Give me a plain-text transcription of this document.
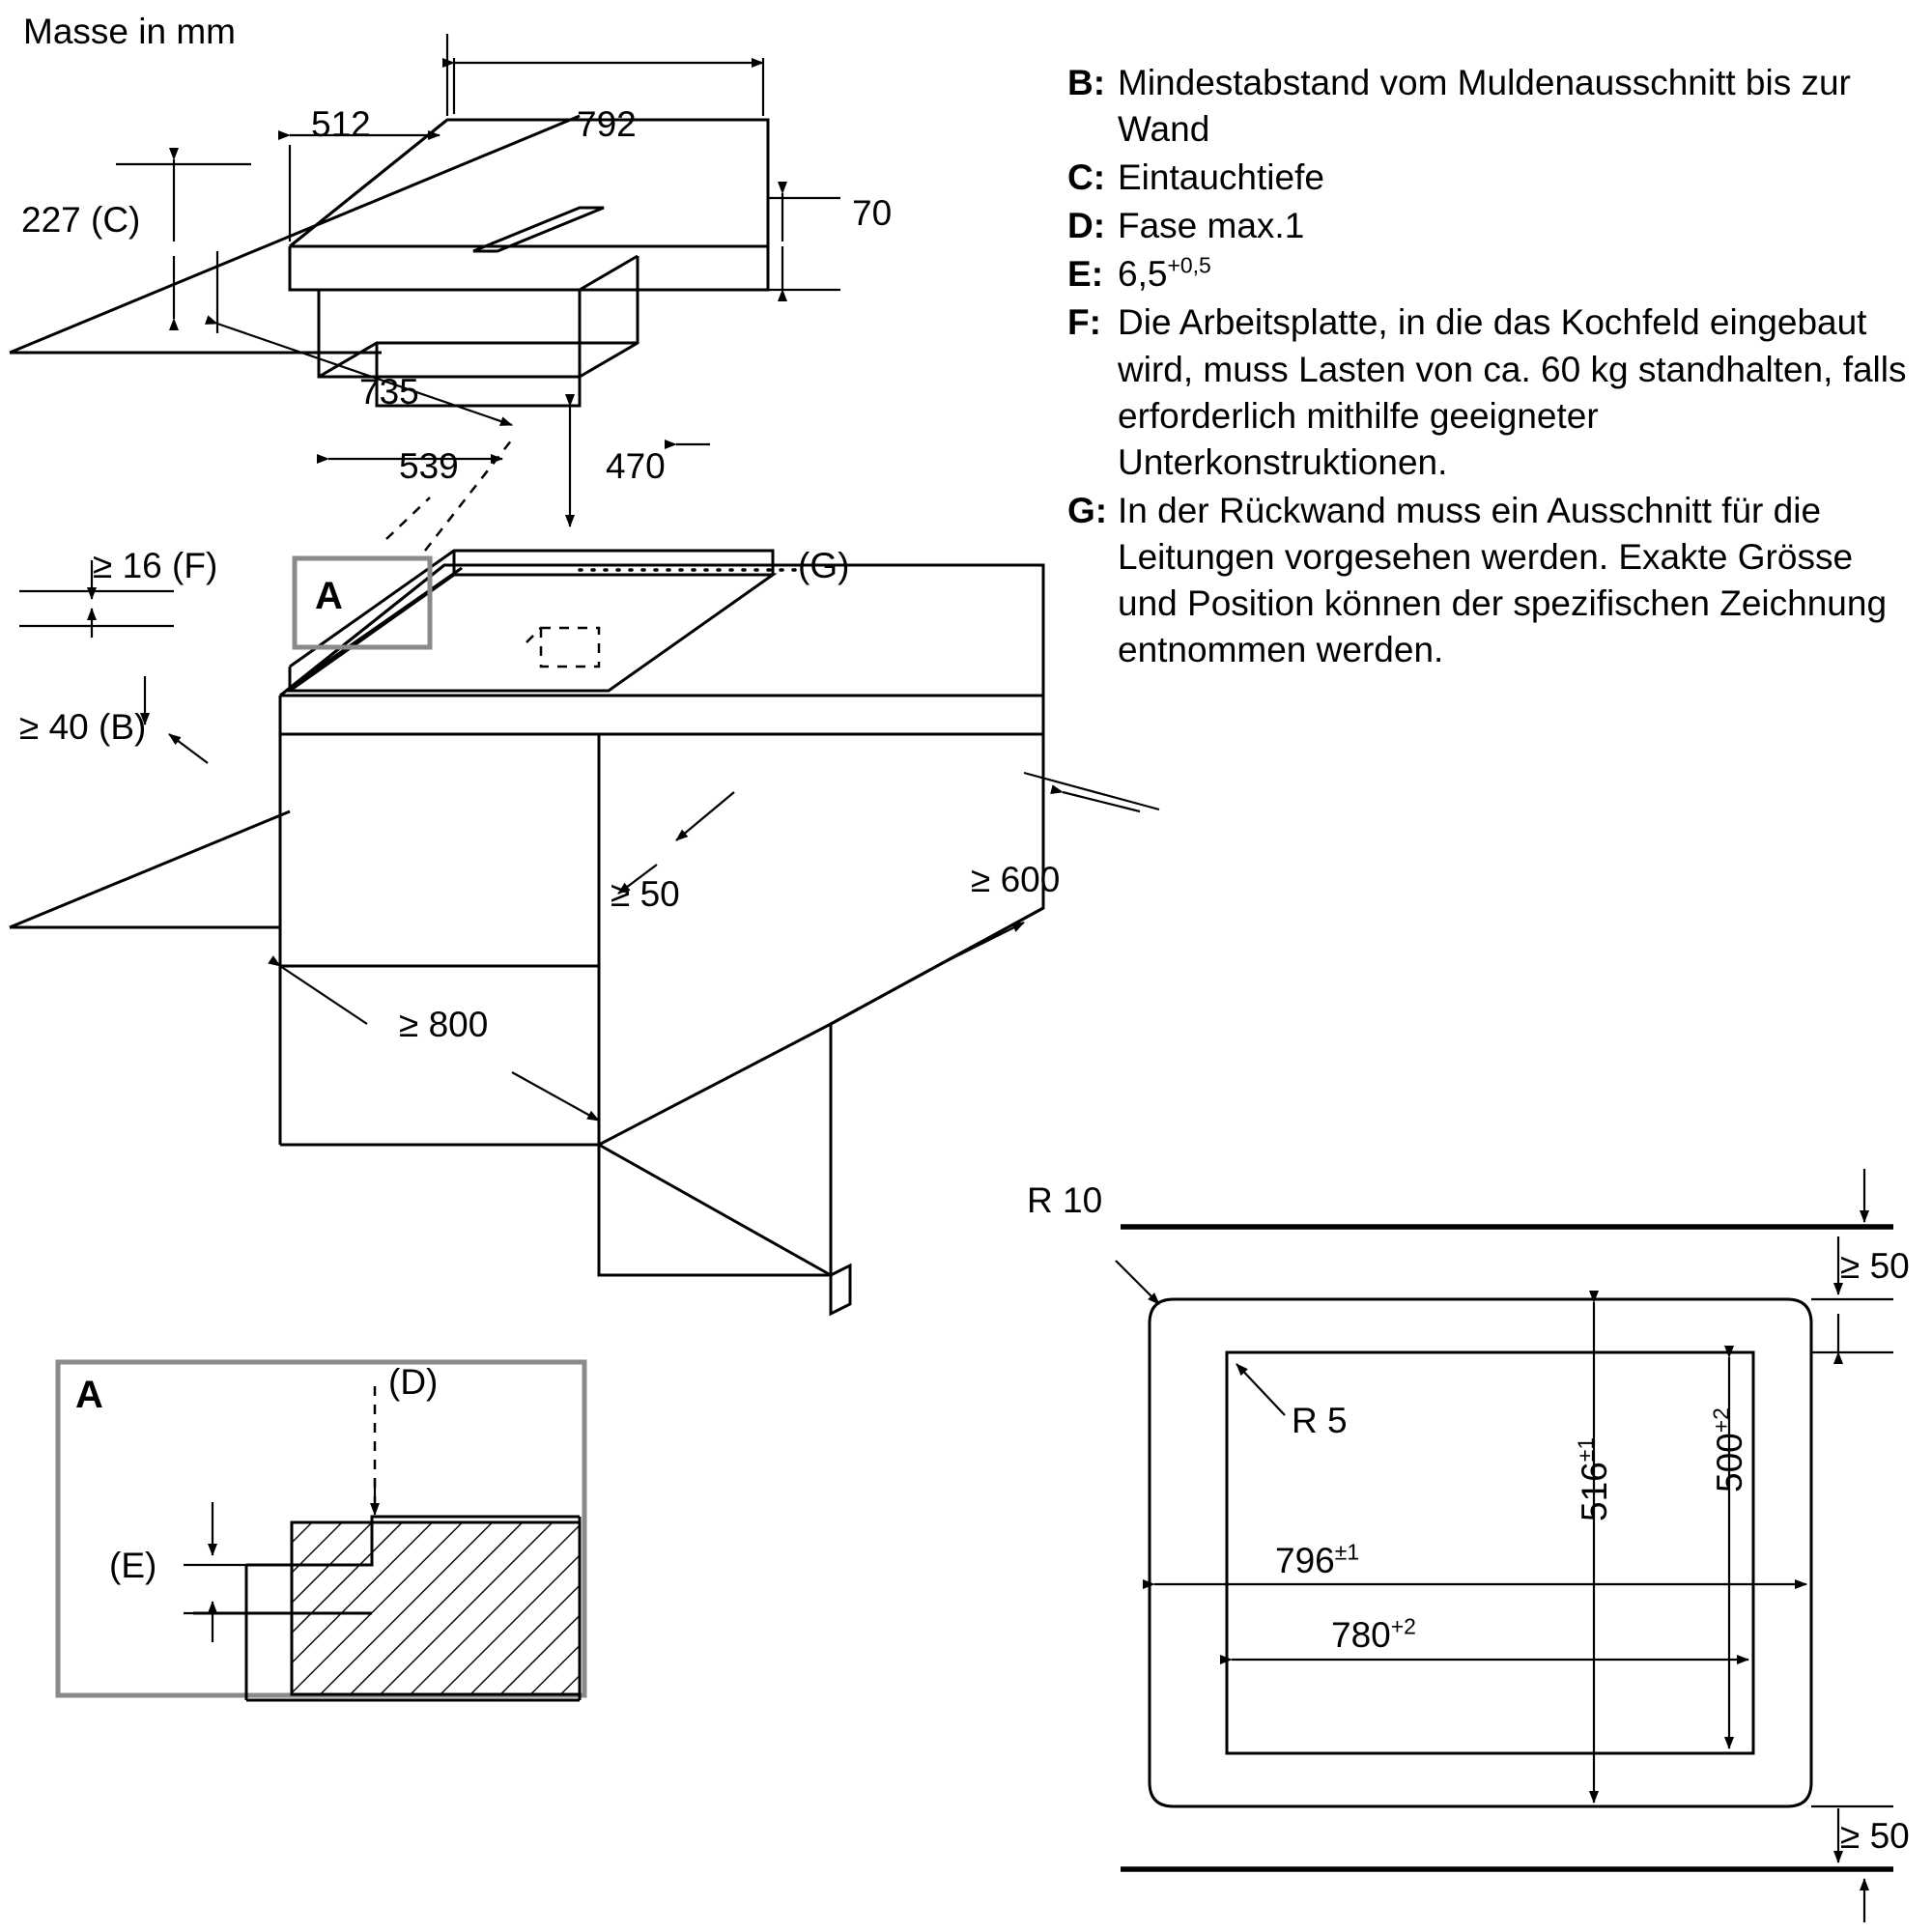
Masse in mm
B: Mindestabstand vom Muldenausschnitt bis zur Wand
C: Eintauchtiefe
D: Fase max.1
E: $6,5^{+0,5}$
F: Die Arbeitsplatte, in die das Kochfeld eingebaut wird, muss Lasten von ca. 60 kg standhalten, falls erforderlich mithilfe geeigneter Unterkonstruktionen.
G: In der Rückwand muss ein Ausschnitt für die Leitungen vorgesehen werden. Exakte Grösse und Position können der spezifischen Zeichnung entnommen werden.
512	792
70
227 (C)
735
539	470
≥ 16 (F)
≥ 40 (B)
A
(G)
≥ 50	≥ 600
≥ 800
A	(D)
(E)
R 10
R 5
≥ 50
≥ 50
$500^{+2}$
$516^{\pm 1}$
$796^{\pm 1}$
$780^{+2}$
